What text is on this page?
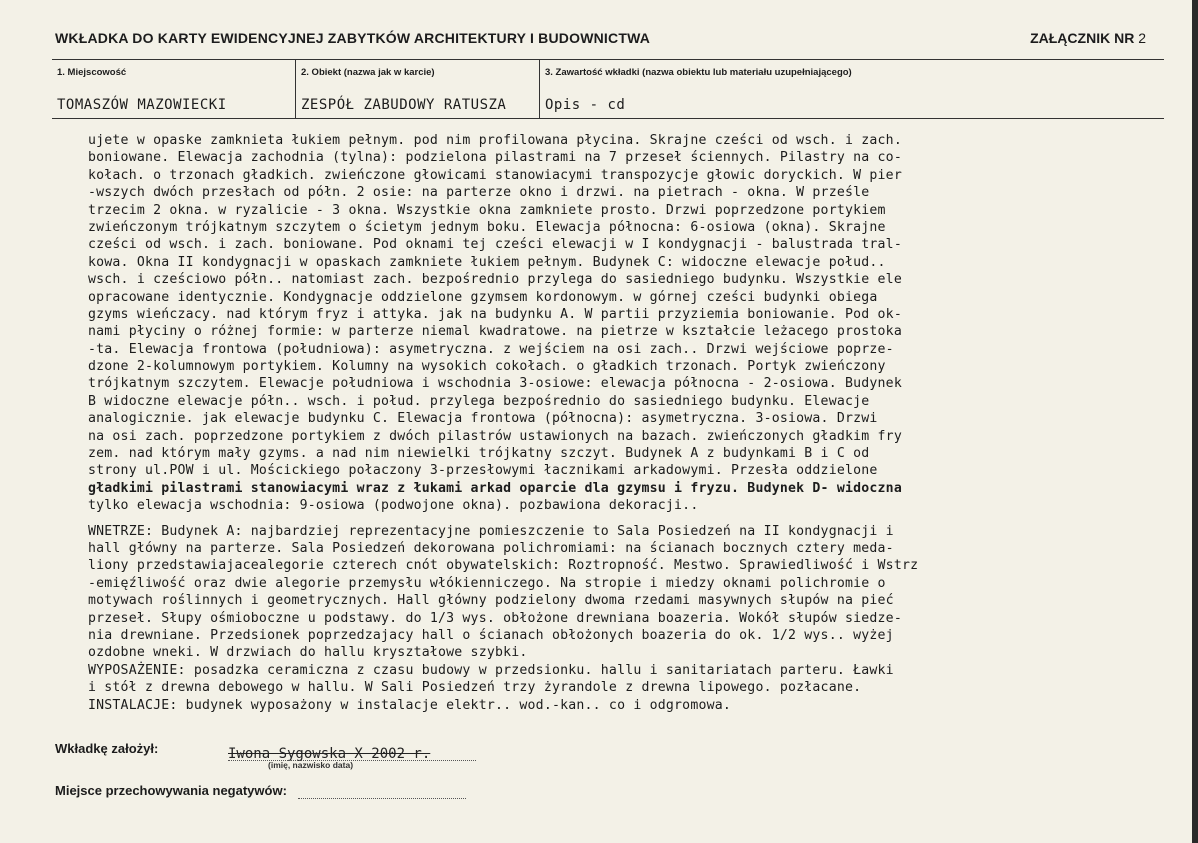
WKŁADKA DO KARTY EWIDENCYJNEJ ZABYTKÓW ARCHITEKTURY I BUDOWNICTWA	ZAŁĄCZNIK NR 2
1. Miejscowość
TOMASZÓW MAZOWIECKI
2. Obiekt (nazwa jak w karcie)
ZESPÓŁ ZABUDOWY RATUSZA
3. Zawartość wkładki (nazwa obiektu lub materiału uzupełniającego)
Opis - cd
ujete w opaske zamknieta łukiem pełnym. pod nim profilowana płycina. Skrajne cześci od wsch. i zach.
boniowane. Elewacja zachodnia (tylna): podzielona pilastrami na 7 przeseł ściennych. Pilastry na co-
kołach. o trzonach gładkich. zwieńczone głowicami stanowiacymi transpozycje głowic doryckich. W pier
-wszych dwóch przesłach od półn. 2 osie: na parterze okno i drzwi. na pietrach - okna. W prześle
trzecim 2 okna. w ryzalicie - 3 okna. Wszystkie okna zamkniete prosto. Drzwi poprzedzone portykiem
zwieńczonym trójkatnym szczytem o ścietym jednym boku. Elewacja północna: 6-osiowa (okna). Skrajne
cześci od wsch. i zach. boniowane. Pod oknami tej cześci elewacji w I kondygnacji - balustrada tral-
kowa. Okna II kondygnacji w opaskach zamkniete łukiem pełnym. Budynek C: widoczne elewacje połud..
wsch. i cześciowo półn.. natomiast zach. bezpośrednio przylega do sasiedniego budynku. Wszystkie ele
opracowane identycznie. Kondygnacje oddzielone gzymsem kordonowym. w górnej cześci budynki obiega
gzyms wieńczacy. nad którym fryz i attyka. jak na budynku A. W partii przyziemia boniowanie. Pod ok-
nami płyciny o różnej formie: w parterze niemal kwadratowe. na pietrze w kształcie leżacego prostoka
-ta. Elewacja frontowa (południowa): asymetryczna. z wejściem na osi zach.. Drzwi wejściowe poprze-
dzone 2-kolumnowym portykiem. Kolumny na wysokich cokołach. o gładkich trzonach. Portyk zwieńczony
trójkatnym szczytem. Elewacje południowa i wschodnia 3-osiowe: elewacja północna - 2-osiowa. Budynek
B widoczne elewacje półn.. wsch. i połud. przylega bezpośrednio do sasiedniego budynku. Elewacje
analogicznie. jak elewacje budynku C. Elewacja frontowa (północna): asymetryczna. 3-osiowa. Drzwi
na osi zach. poprzedzone portykiem z dwóch pilastrów ustawionych na bazach. zwieńczonych gładkim fry
zem. nad którym mały gzyms. a nad nim niewielki trójkatny szczyt. Budynek A z budynkami B i C od
strony ul.POW i ul. Mościckiego połaczony 3-przesłowymi łacznikami arkadowymi. Przesła oddzielone
gładkimi pilastrami stanowiacymi wraz z łukami arkad oparcie dla gzymsu i fryzu. Budynek D- widoczna
tylko elewacja wschodnia: 9-osiowa (podwojone okna). pozbawiona dekoracji..
WNETRZE: Budynek A: najbardziej reprezentacyjne pomieszczenie to Sala Posiedzeń na II kondygnacji i
hall główny na parterze. Sala Posiedzeń dekorowana polichromiami: na ścianach bocznych cztery meda-
liony przedstawiajacealegorie czterech cnót obywatelskich: Roztropność. Mestwo. Sprawiedliwość i Wstrz
-emięźliwość oraz dwie alegorie przemysłu włókienniczego. Na stropie i miedzy oknami polichromie o
motywach roślinnych i geometrycznych. Hall główny podzielony dwoma rzedami masywnych słupów na pieć
przeseł. Słupy ośmioboczne u podstawy. do 1/3 wys. obłożone drewniana boazeria. Wokół słupów siedze-
nia drewniane. Przedsionek poprzedzajacy hall o ścianach obłożonych boazeria do ok. 1/2 wys.. wyżej
ozdobne wneki. W drzwiach do hallu kryształowe szybki.
WYPOSAŻENIE: posadzka ceramiczna z czasu budowy w przedsionku. hallu i sanitariatach parteru. Ławki
i stół z drewna debowego w hallu. W Sali Posiedzeń trzy żyrandole z drewna lipowego. pozłacane.
INSTALACJE: budynek wyposażony w instalacje elektr.. wod.-kan.. co i odgromowa.
Wkładkę założył:	Iwona Sygowska X 2002 r.
(imię, nazwisko data)
Miejsce przechowywania negatywów:
